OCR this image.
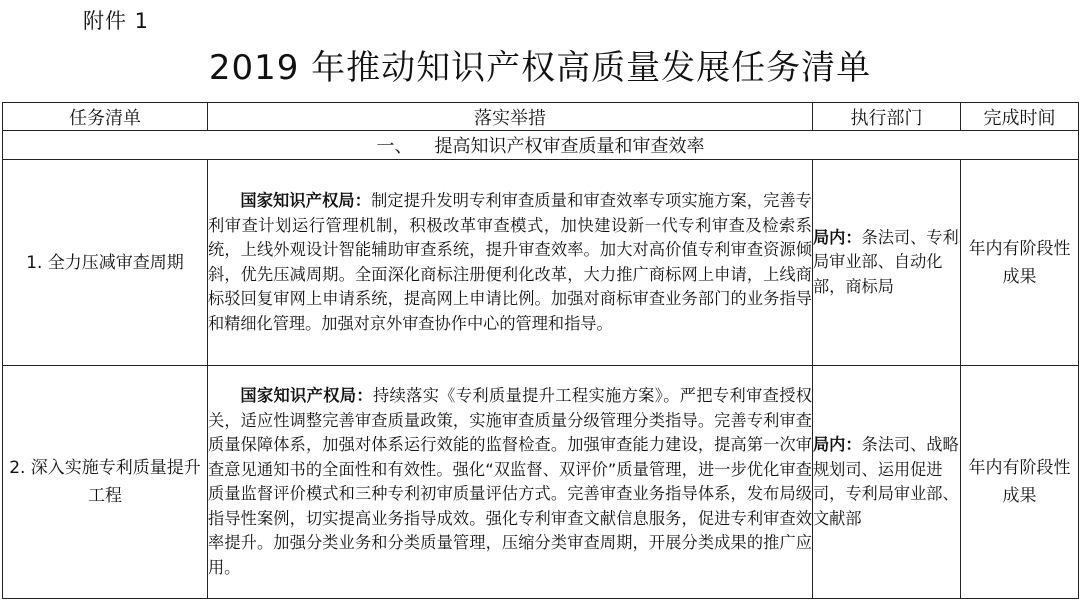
附件 1
2019 年推动知识产权高质量发展任务清单
任务清单	落实举措	执行部门	完成时间
一、 提高知识产权审查质量和审查效率			
1. 全力压减审查周期	国家知识产权局：制定提升发明专利审查质量和审查效率专项实施方案，完善专利审查计划运行管理机制，积极改革审查模式，加快建设新一代专利审查及检索系统，上线外观设计智能辅助审查系统，提升审查效率。加大对高价值专利审查资源倾斜，优先压减周期。全面深化商标注册便利化改革，大力推广商标网上申请，上线商标驳回复审网上申请系统，提高网上申请比例。加强对商标审查业务部门的业务指导和精细化管理。加强对京外审查协作中心的管理和指导。	局内：条法司、专利局审业部、自动化部，商标局	年内有阶段性成果
2. 深入实施专利质量提升工程	国家知识产权局：持续落实《专利质量提升工程实施方案》。严把专利审查授权关，适应性调整完善审查质量政策，实施审查质量分级管理分类指导。完善专利审查质量保障体系，加强对体系运行效能的监督检查。加强审查能力建设，提高第一次审查意见通知书的全面性和有效性。强化“双监督、双评价”质量管理，进一步优化审查质量监督评价模式和三种专利初审质量评估方式。完善审查业务指导体系，发布局级指导性案例，切实提高业务指导成效。强化专利审查文献信息服务，促进专利审查效率提升。加强分类业务和分类质量管理，压缩分类审查周期，开展分类成果的推广应用。	局内：条法司、战略规划司、运用促进司，专利局审业部、文献部	年内有阶段性成果
